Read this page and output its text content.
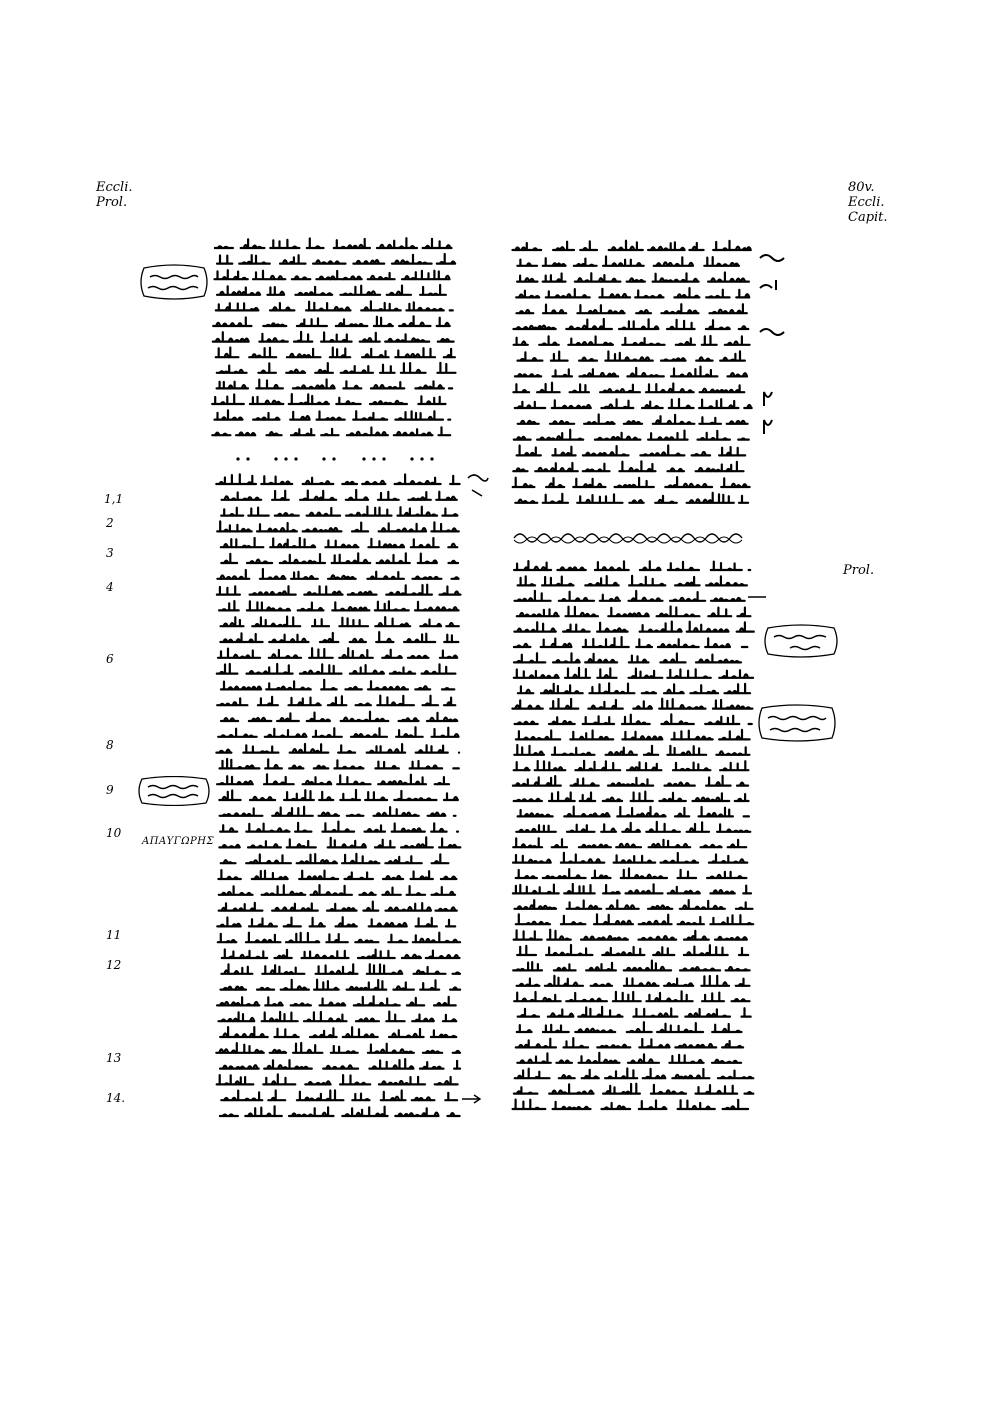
Eccli.
Prol.
80v.
Eccli.
Capit.
Prol.
1,1
2
3
4
6
8
9
10
11
12
13
14.
ΑΠΑΥΓΩΡΗΣ
